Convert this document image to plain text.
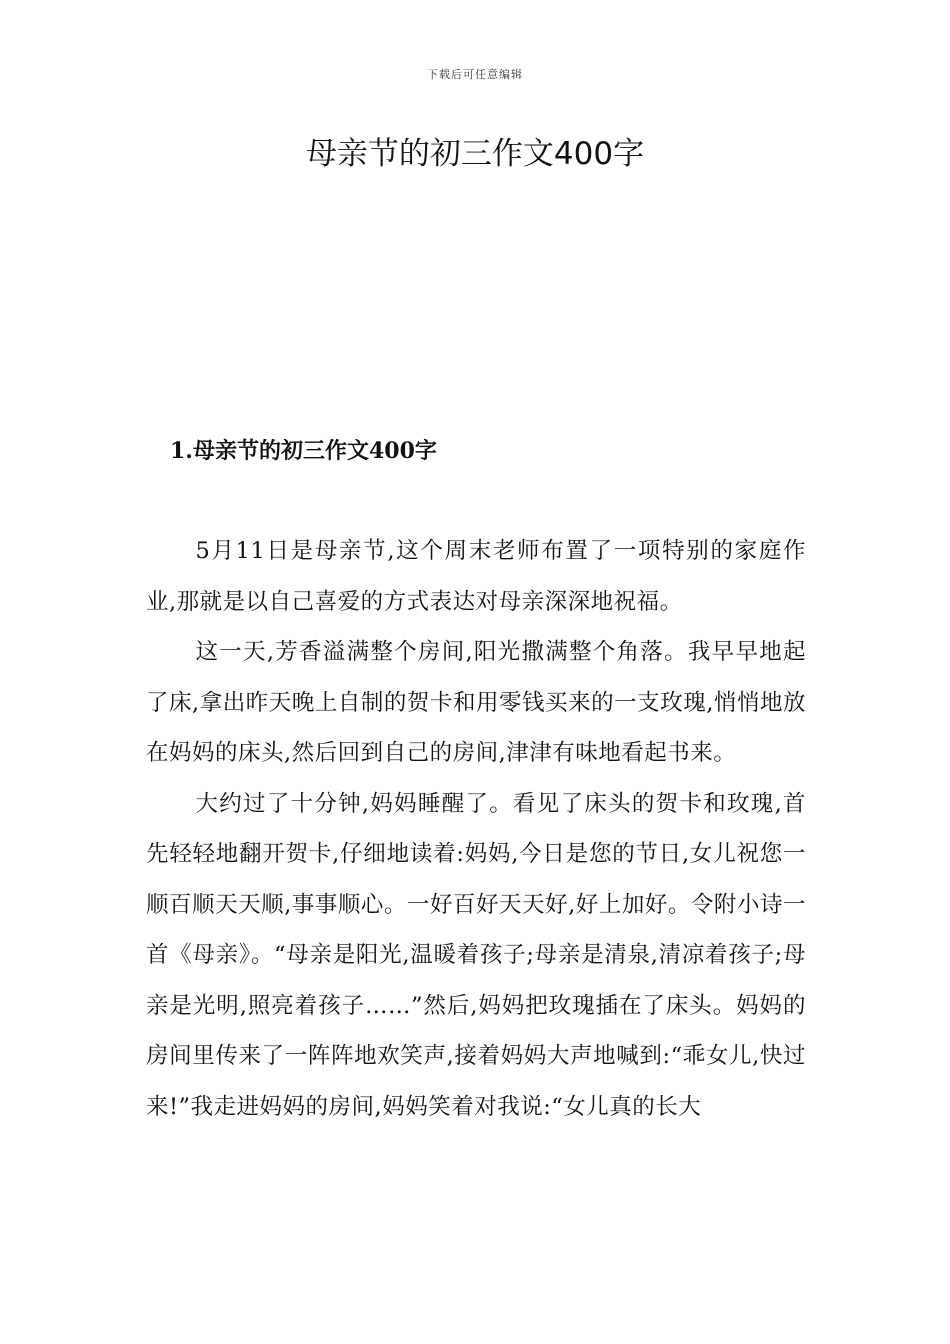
下载后可任意编辑
母亲节的初三作文400字
1.母亲节的初三作文400字

5月11日是母亲节,这个周末老师布置了一项特别的家庭作业,那就是以自己喜爱的方式表达对母亲深深地祝福。

这一天,芳香溢满整个房间,阳光撒满整个角落。我早早地起了床,拿出昨天晚上自制的贺卡和用零钱买来的一支玫瑰,悄悄地放在妈妈的床头,然后回到自己的房间,津津有味地看起书来。

大约过了十分钟,妈妈睡醒了。看见了床头的贺卡和玫瑰,首先轻轻地翻开贺卡,仔细地读着:妈妈,今日是您的节日,女儿祝您一顺百顺天天顺,事事顺心。一好百好天天好,好上加好。令附小诗一首《母亲》。“母亲是阳光,温暖着孩子;母亲是清泉,清凉着孩子;母亲是光明,照亮着孩子……”然后,妈妈把玫瑰插在了床头。妈妈的房间里传来了一阵阵地欢笑声,接着妈妈大声地喊到:“乖女儿,快过来!”我走进妈妈的房间,妈妈笑着对我说:“女儿真的长大
